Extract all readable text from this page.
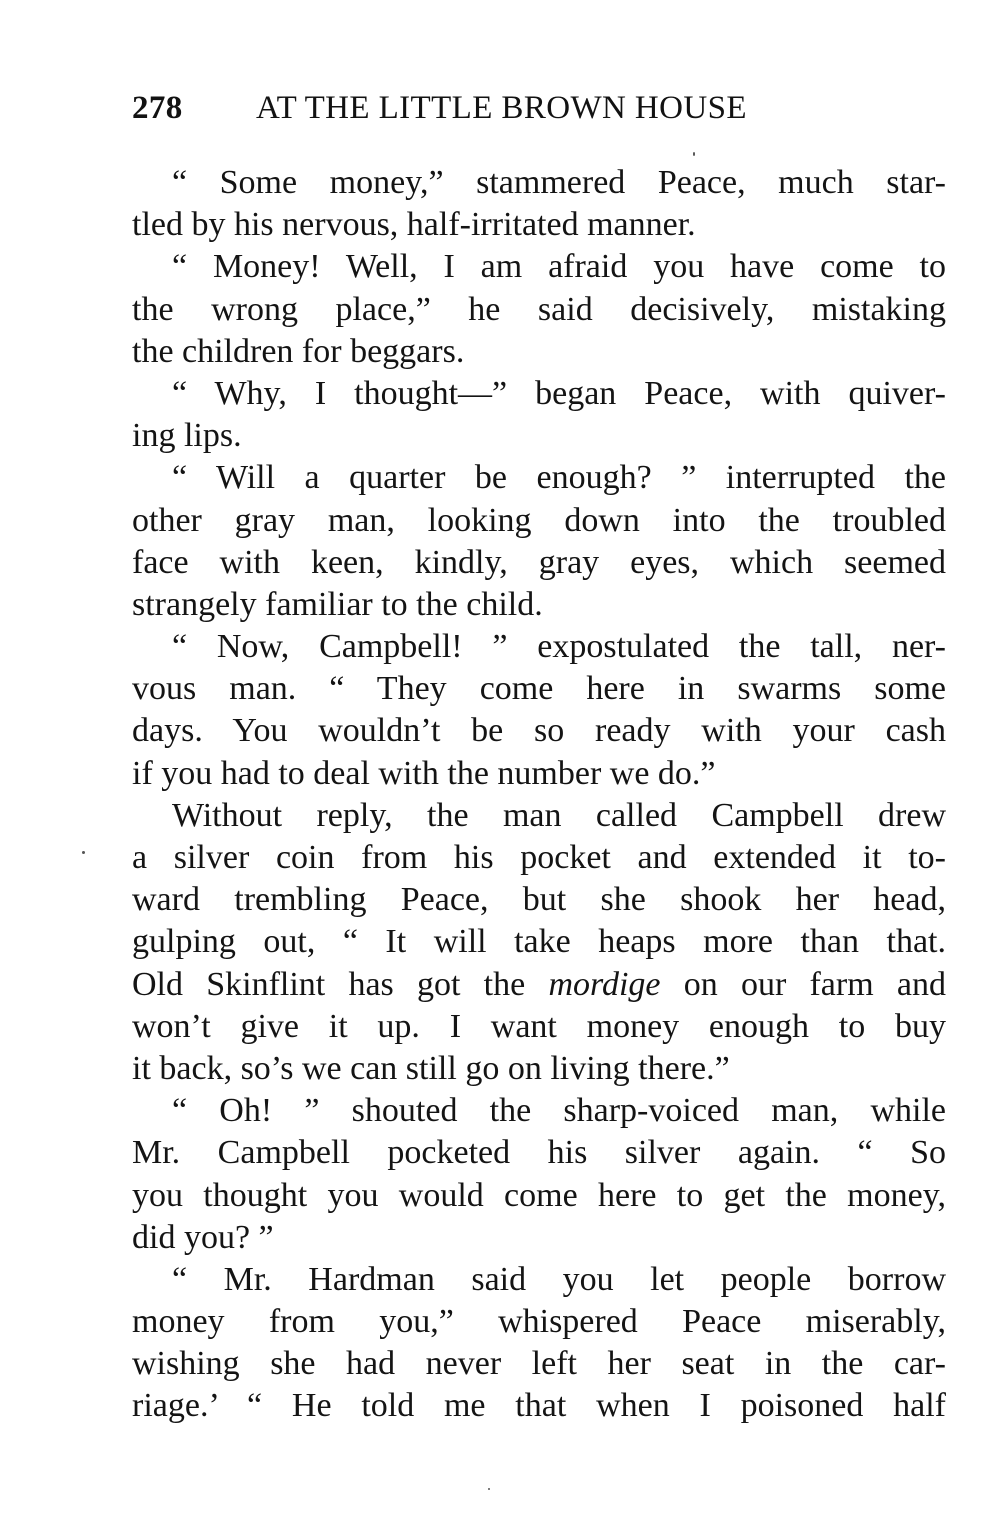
278 AT THE LITTLE BROWN HOUSE
“ Some money,” stammered Peace, much star-
tled by his nervous, half-irritated manner.
“ Money! Well, I am afraid you have come to
the wrong place,” he said decisively, mistaking
the children for beggars.
“ Why, I thought—” began Peace, with quiver-
ing lips.
“ Will a quarter be enough? ” interrupted the
other gray man, looking down into the troubled
face with keen, kindly, gray eyes, which seemed
strangely familiar to the child.
“ Now, Campbell! ” expostulated the tall, ner-
vous man. “ They come here in swarms some
days. You wouldn’t be so ready with your cash
if you had to deal with the number we do.”
Without reply, the man called Campbell drew
a silver coin from his pocket and extended it to-
ward trembling Peace, but she shook her head,
gulping out, “ It will take heaps more than that.
Old Skinflint has got the mordige on our farm and
won’t give it up. I want money enough to buy
it back, so’s we can still go on living there.”
“ Oh! ” shouted the sharp-voiced man, while
Mr. Campbell pocketed his silver again. “ So
you thought you would come here to get the money,
did you? ”
“ Mr. Hardman said you let people borrow
money from you,” whispered Peace miserably,
wishing she had never left her seat in the car-
riage.’ “ He told me that when I poisoned half
